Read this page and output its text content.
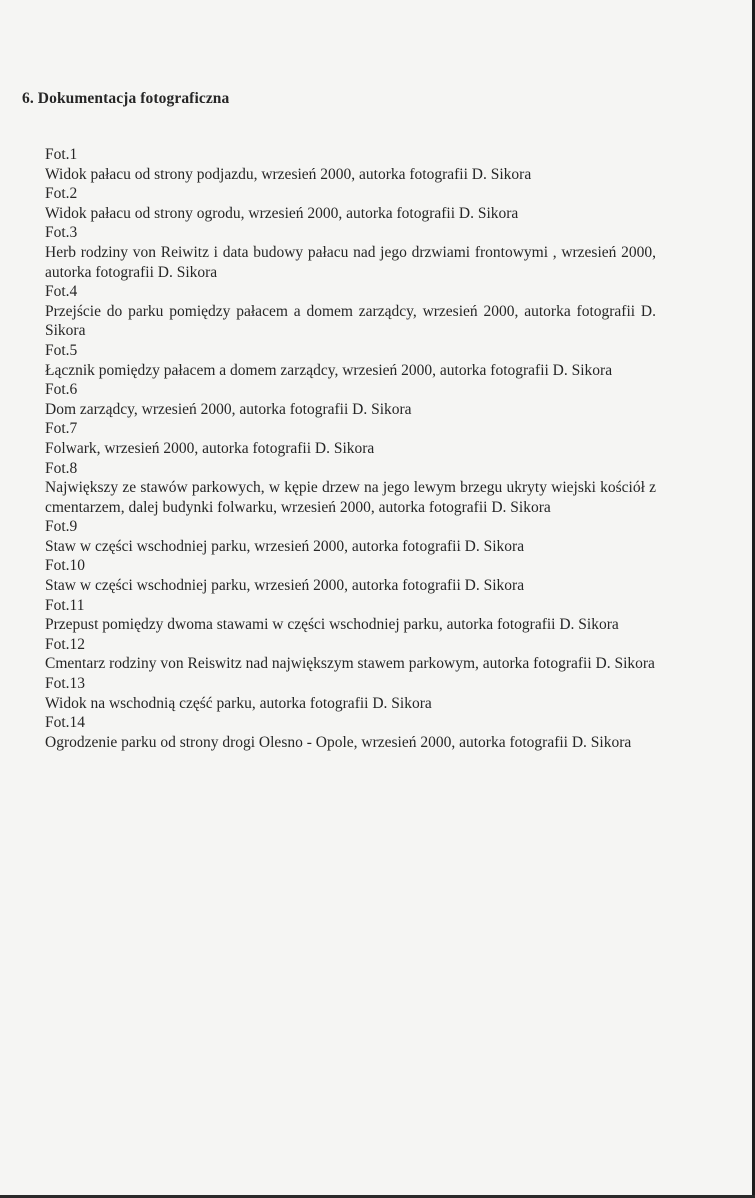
6. Dokumentacja fotograficzna
Fot.1
Widok pałacu od strony podjazdu, wrzesień 2000, autorka fotografii D. Sikora
Fot.2
Widok pałacu od strony ogrodu, wrzesień 2000, autorka fotografii D. Sikora
Fot.3
Herb rodziny von Reiwitz i data budowy pałacu nad jego drzwiami frontowymi , wrzesień 2000, autorka fotografii D. Sikora
Fot.4
Przejście do parku pomiędzy pałacem a domem zarządcy, wrzesień 2000, autorka fotografii D. Sikora
Fot.5
Łącznik pomiędzy pałacem a domem zarządcy, wrzesień 2000, autorka fotografii D. Sikora
Fot.6
Dom zarządcy, wrzesień 2000, autorka fotografii D. Sikora
Fot.7
Folwark, wrzesień 2000, autorka fotografii D. Sikora
Fot.8
Największy ze stawów parkowych, w kępie drzew na jego lewym brzegu ukryty wiejski kościół z cmentarzem, dalej budynki folwarku, wrzesień 2000, autorka fotografii D. Sikora
Fot.9
Staw w części wschodniej parku, wrzesień 2000, autorka fotografii D. Sikora
Fot.10
Staw w części wschodniej parku, wrzesień 2000, autorka fotografii D. Sikora
Fot.11
Przepust pomiędzy dwoma stawami w części wschodniej parku, autorka fotografii D. Sikora
Fot.12
Cmentarz rodziny von Reiswitz nad największym stawem parkowym, autorka fotografii D. Sikora
Fot.13
Widok na wschodnią część parku, autorka fotografii D. Sikora
Fot.14
Ogrodzenie parku od strony drogi Olesno - Opole, wrzesień 2000, autorka fotografii D. Sikora
